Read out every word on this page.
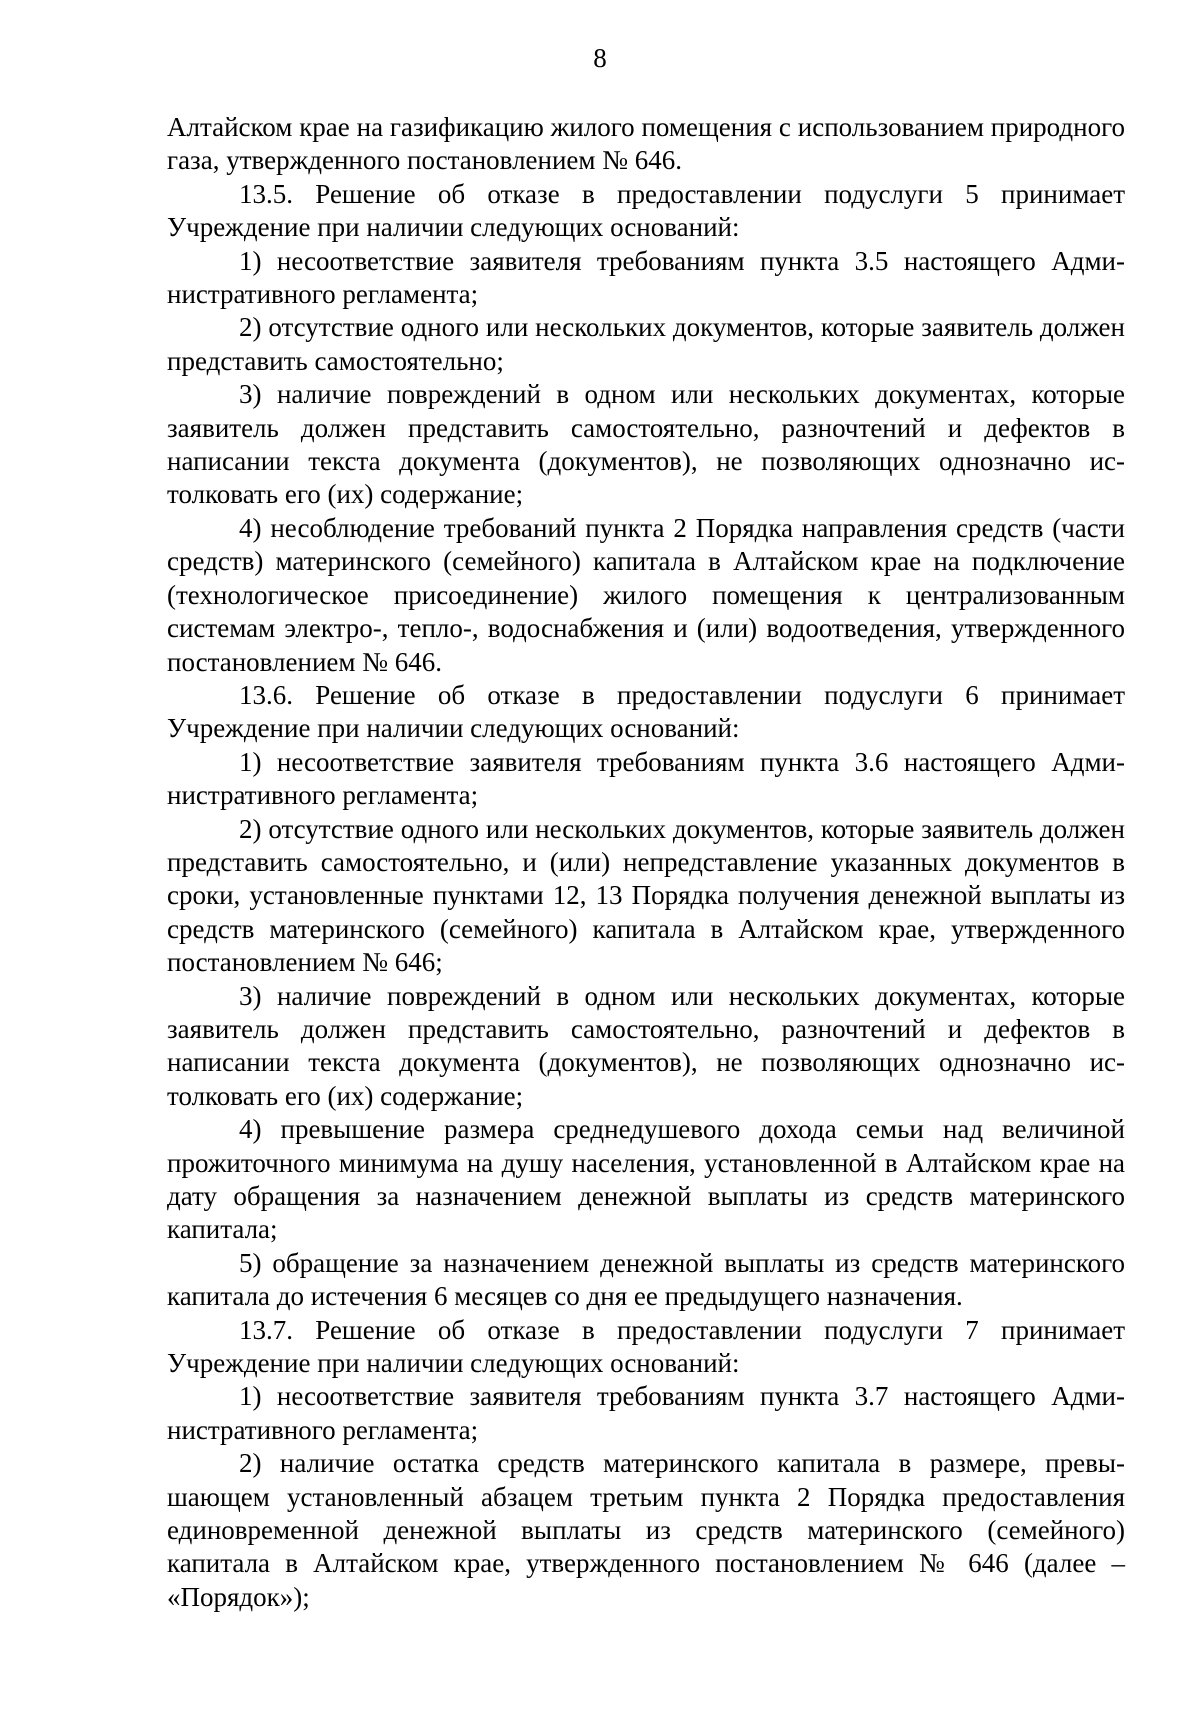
8

Алтайском крае на газификацию жилого помещения с использованием природного газа, утвержденного постановлением № 646.

13.5. Решение об отказе в предоставлении подуслуги 5 принимает Учреждение при наличии следующих оснований:

1) несоответствие заявителя требованиям пункта 3.5 настоящего Административного регламента;

2) отсутствие одного или нескольких документов, которые заявитель должен представить самостоятельно;

3) наличие повреждений в одном или нескольких документах, которые заявитель должен представить самостоятельно, разночтений и дефектов в написании текста документа (документов), не позволяющих однозначно истолковать его (их) содержание;

4) несоблюдение требований пункта 2 Порядка направления средств (части средств) материнского (семейного) капитала в Алтайском крае на подключение (технологическое присоединение) жилого помещения к централизованным системам электро-, тепло-, водоснабжения и (или) водоотведения, утвержденного постановлением № 646.

13.6. Решение об отказе в предоставлении подуслуги 6 принимает Учреждение при наличии следующих оснований:

1) несоответствие заявителя требованиям пункта 3.6 настоящего Административного регламента;

2) отсутствие одного или нескольких документов, которые заявитель должен представить самостоятельно, и (или) непредставление указанных документов в сроки, установленные пунктами 12, 13 Порядка получения денежной выплаты из средств материнского (семейного) капитала в Алтайском крае, утвержденного постановлением № 646;

3) наличие повреждений в одном или нескольких документах, которые заявитель должен представить самостоятельно, разночтений и дефектов в написании текста документа (документов), не позволяющих однозначно истолковать его (их) содержание;

4) превышение размера среднедушевого дохода семьи над величиной прожиточного минимума на душу населения, установленной в Алтайском крае на дату обращения за назначением денежной выплаты из средств материнского капитала;

5) обращение за назначением денежной выплаты из средств материнского капитала до истечения 6 месяцев со дня ее предыдущего назначения.

13.7. Решение об отказе в предоставлении подуслуги 7 принимает Учреждение при наличии следующих оснований:

1) несоответствие заявителя требованиям пункта 3.7 настоящего Административного регламента;

2) наличие остатка средств материнского капитала в размере, превышающем установленный абзацем третьим пункта 2 Порядка предоставления единовременной денежной выплаты из средств материнского (семейного) капитала в Алтайском крае, утвержденного постановлением № 646 (далее – «Порядок»);
